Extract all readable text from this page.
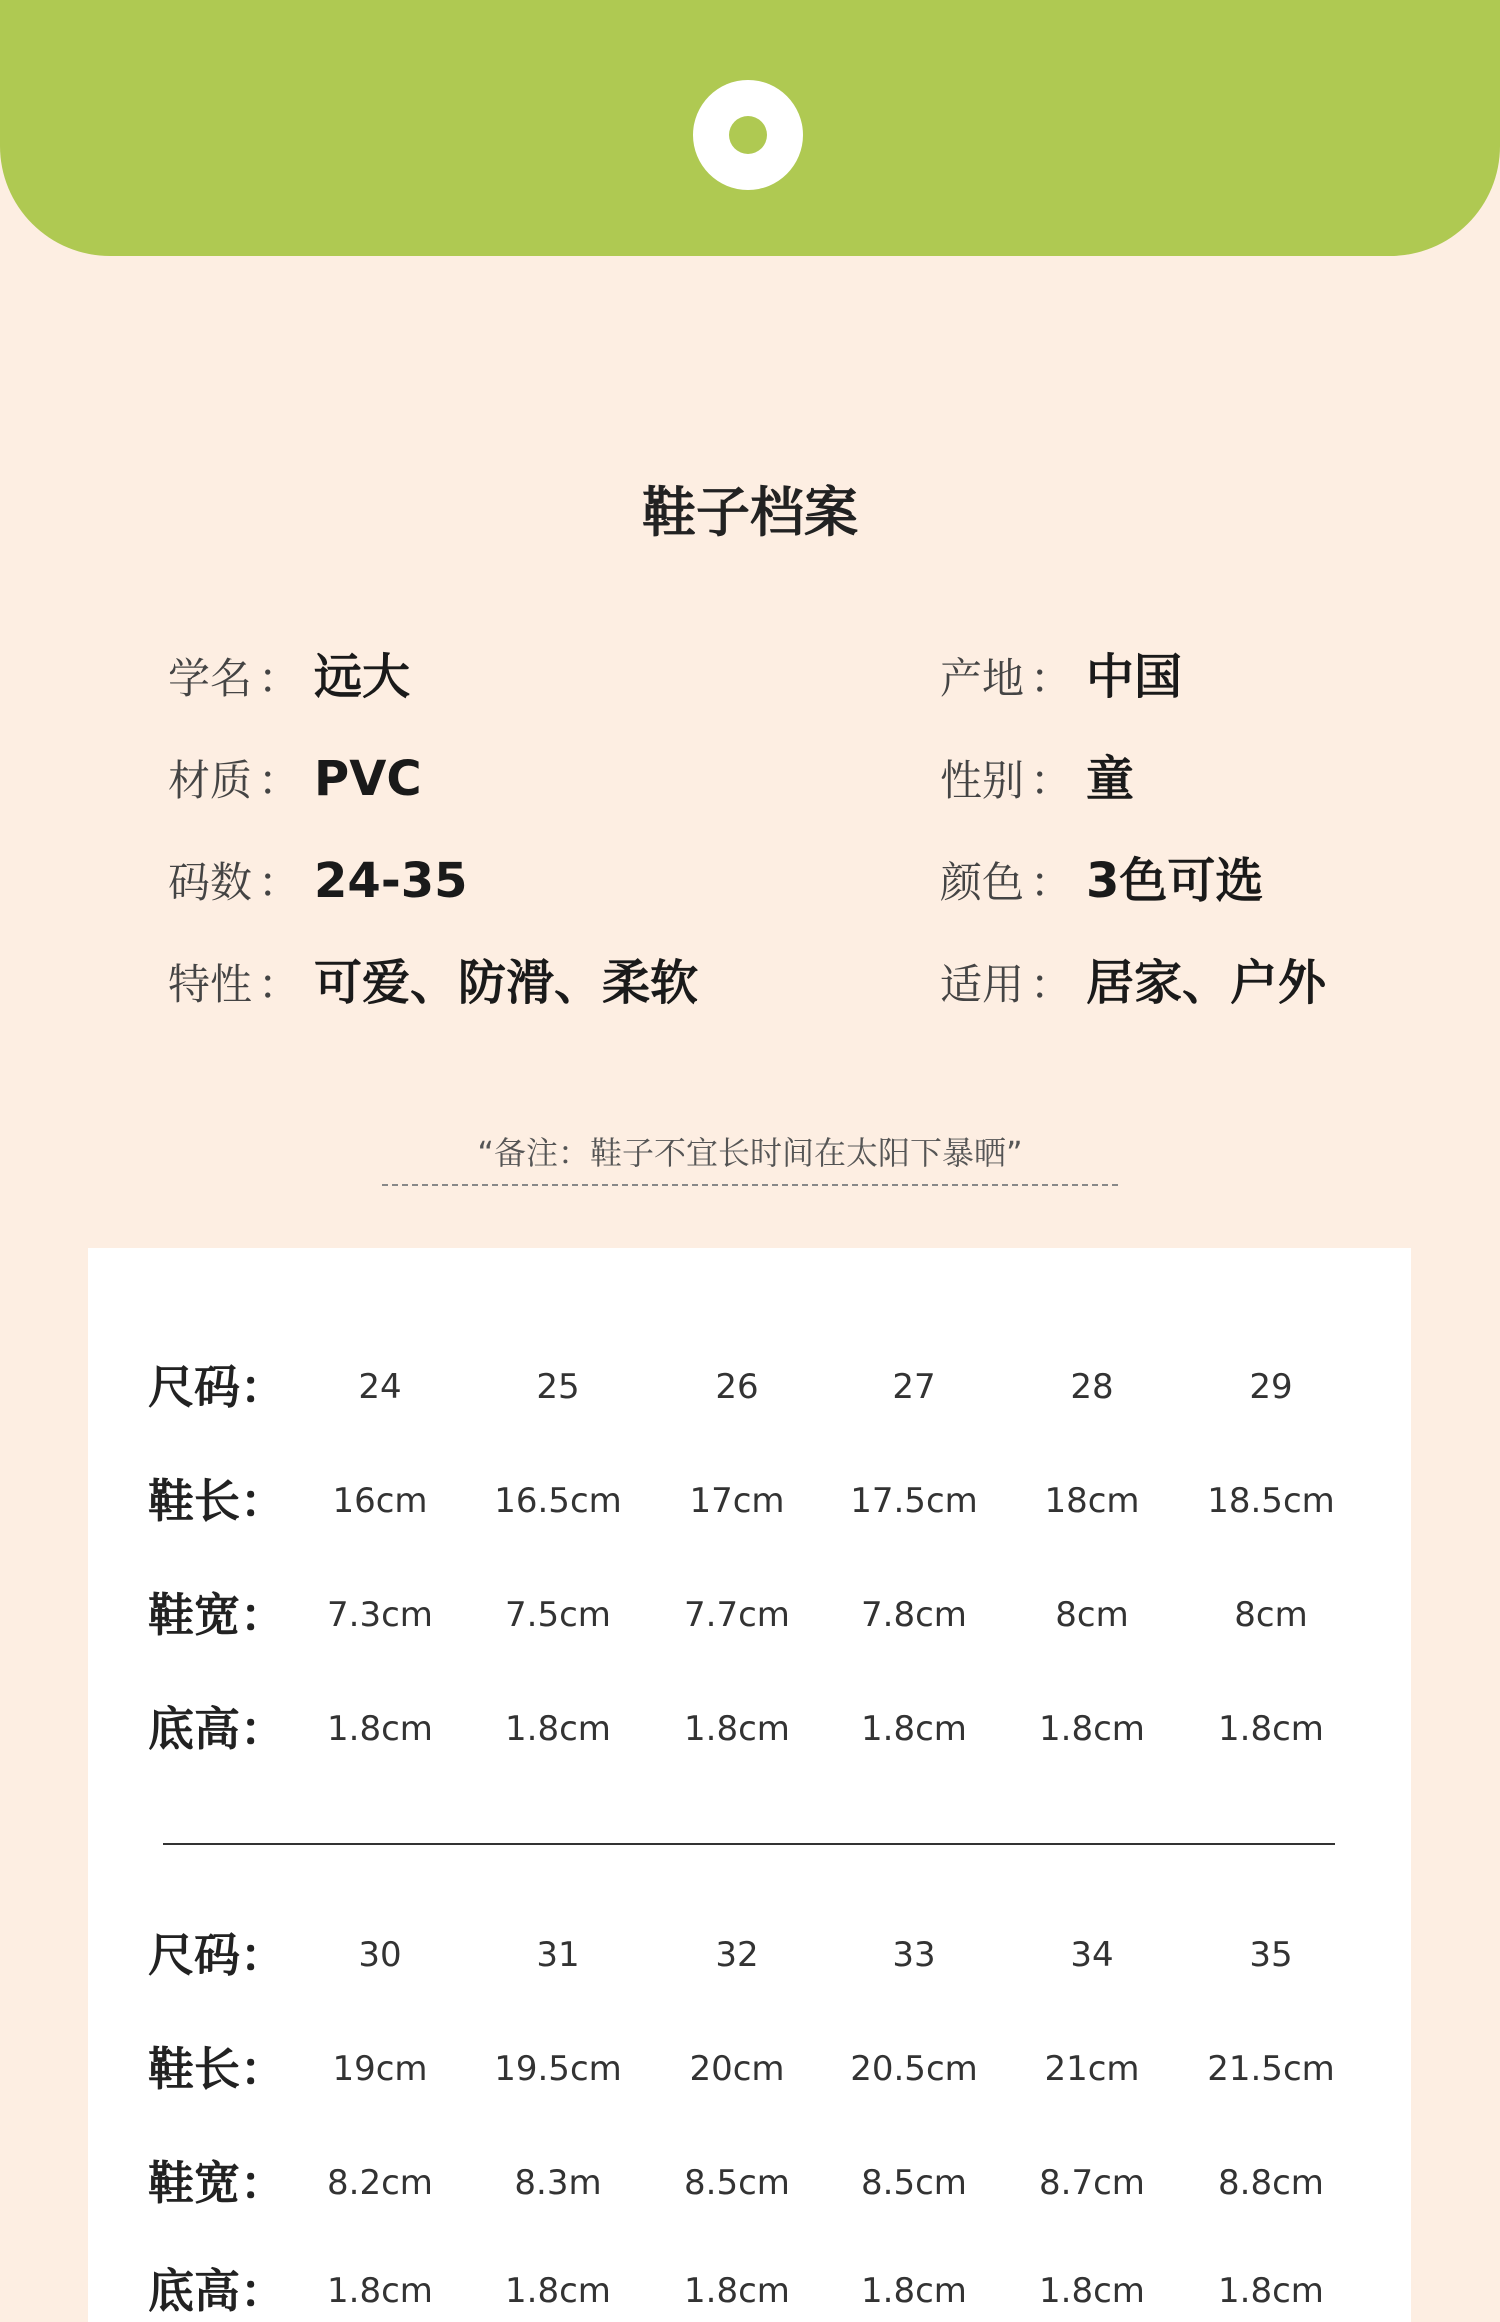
鞋子档案
学名 ： 远大
材质 ： PVC
码数 ： 24-35
特性 ： 可爱、防滑、柔软
产地 ： 中国
性别 ： 童
颜色 ： 3色可选
适用 ： 居家、户外
“备注：鞋子不宜长时间在太阳下暴晒”
尺码：	24	25	26	27	28	29
鞋长：	16cm	16.5cm	17cm	17.5cm	18cm	18.5cm
鞋宽：	7.3cm	7.5cm	7.7cm	7.8cm	8cm	8cm
底高：	1.8cm	1.8cm	1.8cm	1.8cm	1.8cm	1.8cm
尺码：	30	31	32	33	34	35
鞋长：	19cm	19.5cm	20cm	20.5cm	21cm	21.5cm
鞋宽：	8.2cm	8.3m	8.5cm	8.5cm	8.7cm	8.8cm
底高：	1.8cm	1.8cm	1.8cm	1.8cm	1.8cm	1.8cm
